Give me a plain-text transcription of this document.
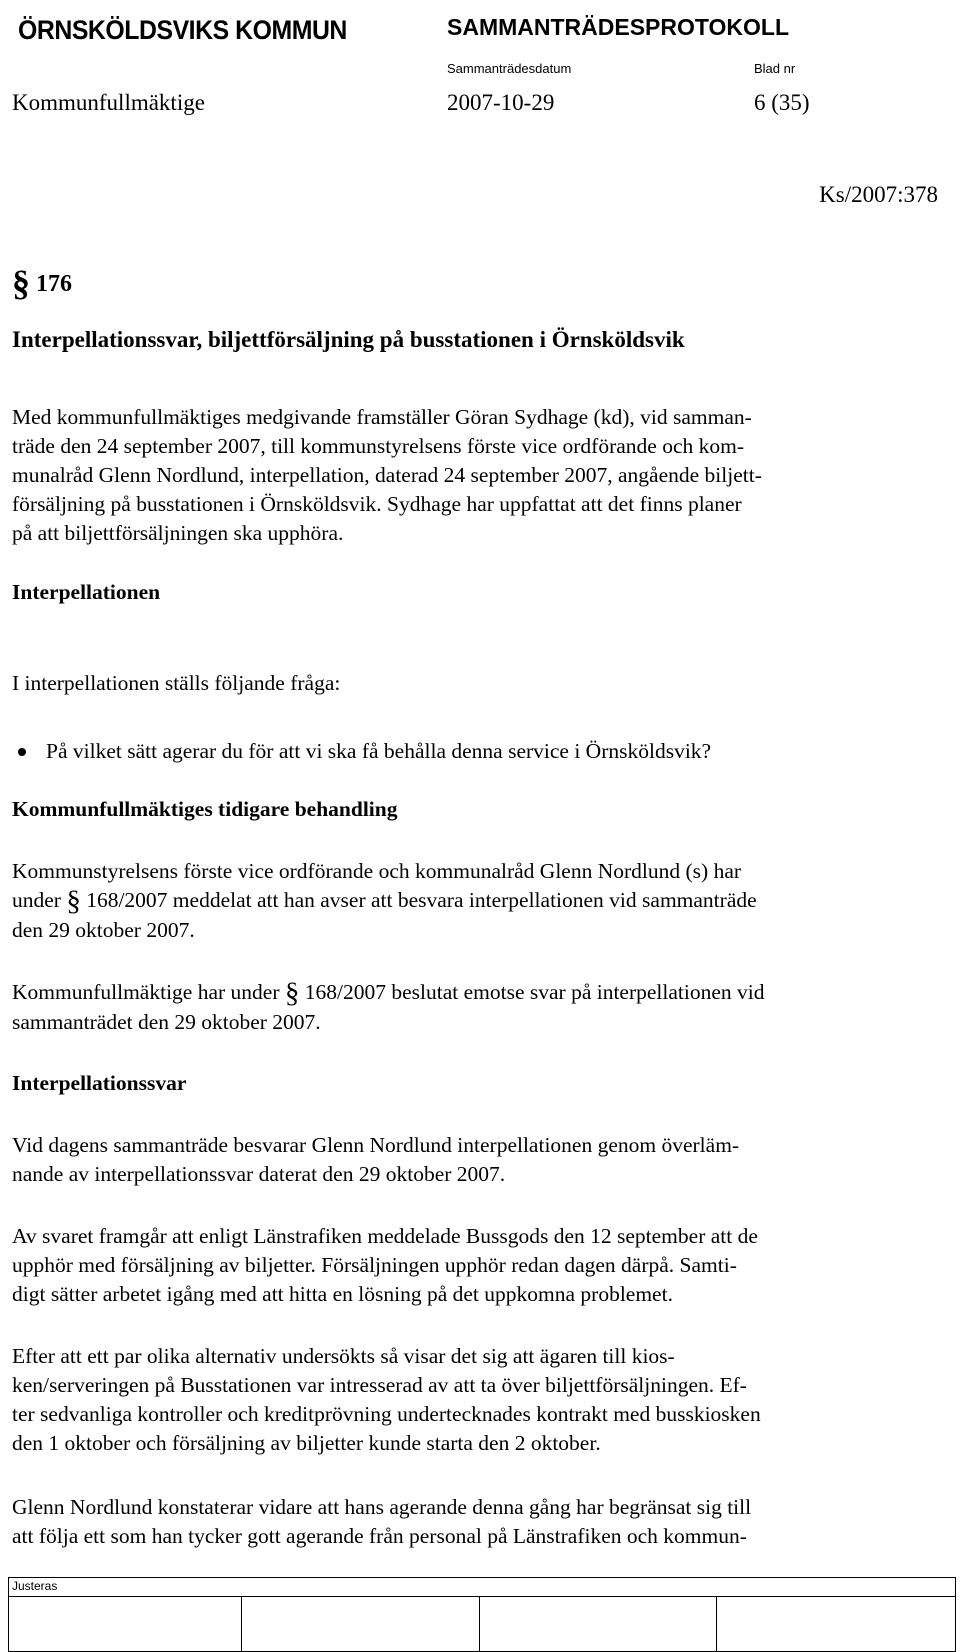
ÖRNSKÖLDSVIKS KOMMUN	SAMMANTRÄDESPROTOKOLL
Sammanträdesdatum	Blad nr
Kommunfullmäktige	2007-10-29	6 (35)
Ks/2007:378
§ 176
Interpellationssvar, biljettförsäljning på busstationen i Örnsköldsvik
Med kommunfullmäktiges medgivande framställer Göran Sydhage (kd), vid samman-
träde den 24 september 2007, till kommunstyrelsens förste vice ordförande och kom-
munalråd Glenn Nordlund, interpellation, daterad 24 september 2007, angående biljett-
försäljning på busstationen i Örnsköldsvik. Sydhage har uppfattat att det finns planer
på att biljettförsäljningen ska upphöra.
Interpellationen
I interpellationen ställs följande fråga:
På vilket sätt agerar du för att vi ska få behålla denna service i Örnsköldsvik?
Kommunfullmäktiges tidigare behandling
Kommunstyrelsens förste vice ordförande och kommunalråd Glenn Nordlund (s) har
under § 168/2007 meddelat att han avser att besvara interpellationen vid sammanträde
den 29 oktober 2007.
Kommunfullmäktige har under § 168/2007 beslutat emotse svar på interpellationen vid
sammanträdet den 29 oktober 2007.
Interpellationssvar
Vid dagens sammanträde besvarar Glenn Nordlund interpellationen genom överläm-
nande av interpellationssvar daterat den 29 oktober 2007.
Av svaret framgår att enligt Länstrafiken meddelade Bussgods den 12 september att de
upphör med försäljning av biljetter. Försäljningen upphör redan dagen därpå. Samti-
digt sätter arbetet igång med att hitta en lösning på det uppkomna problemet.
Efter att ett par olika alternativ undersökts så visar det sig att ägaren till kios-
ken/serveringen på Busstationen var intresserad av att ta över biljettförsäljningen. Ef-
ter sedvanliga kontroller och kreditprövning undertecknades kontrakt med busskiosken
den 1 oktober och försäljning av biljetter kunde starta den 2 oktober.
Glenn Nordlund konstaterar vidare att hans agerande denna gång har begränsat sig till
att följa ett som han tycker gott agerande från personal på Länstrafiken och kommun-
Justeras
